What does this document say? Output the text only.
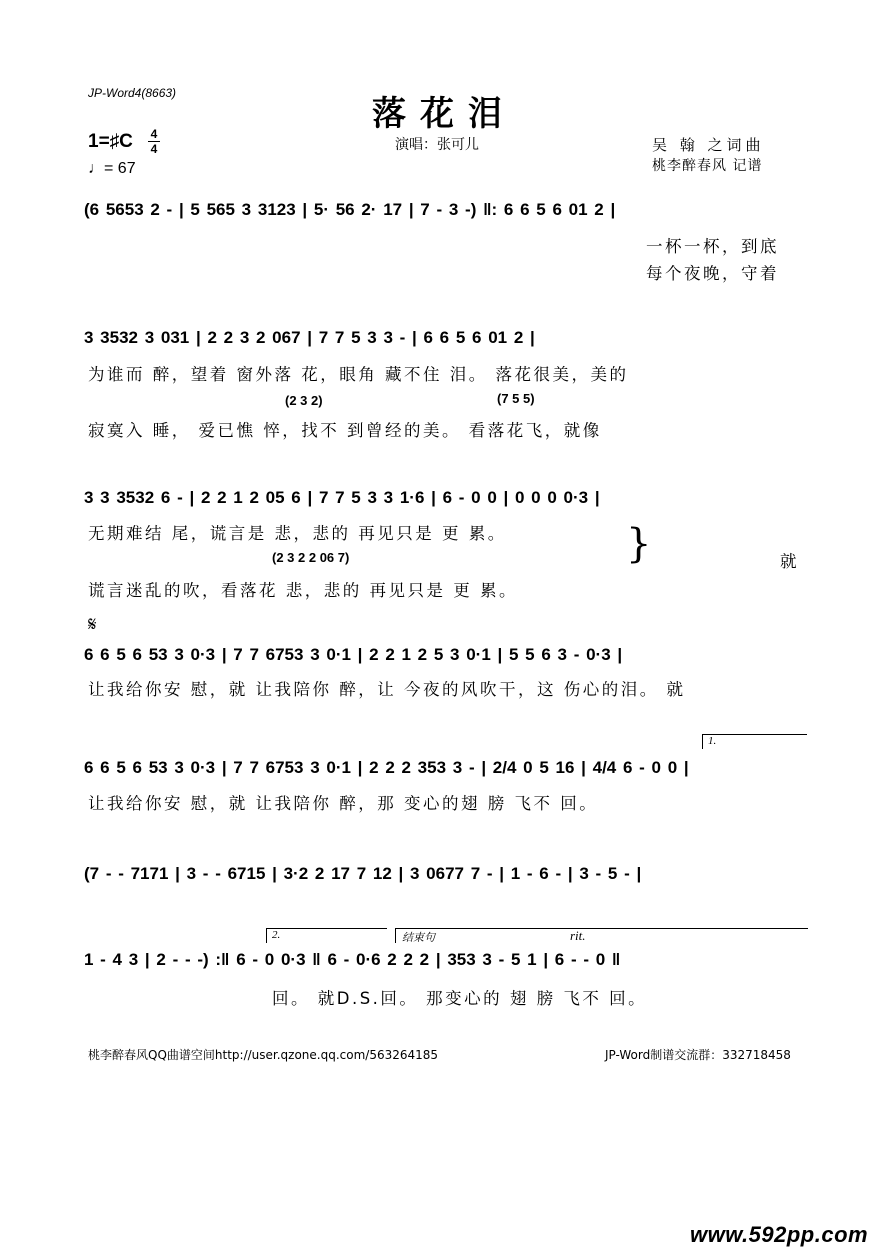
JP-Word4(8663)
落花泪
1=♯C 4
4
♩= 67
演唱：张可儿	吴 翰 之词曲
桃李醉春风 记谱
(6 5653 2 - | 5 565 3 3123 | 5· 56 2· 17 | 7 - 3 -) ‖: 6 6 5 6 01 2 |
一杯一杯，到底
每个夜晚，守着
3 3532 3 031 | 2 2 3 2 067 | 7 7 5 3 3 - | 6 6 5 6 01 2 |
为谁而 醉，望着 窗外落 花，眼角 藏不住 泪。 落花很美，美的
(2 3 2)	(7 5 5)
寂寞入 睡， 爱已憔 悴，找不 到曾经的美。 看落花飞，就像
3 3 3532 6 - | 2 2 1 2 05 6 | 7 7 5 3 3 1·6 | 6 - 0 0 | 0 0 0 0·3 |
无期难结 尾，谎言是 悲，悲的 再见只是 更 累。
(2 3 2 2 06 7)
谎言迷乱的吹，看落花 悲，悲的 再见只是 更 累。
}	就
𝄋
6 6 5 6 53 3 0·3 | 7 7 6753 3 0·1 | 2 2 1 2 5 3 0·1 | 5 5 6 3 - 0·3 |
让我给你安 慰，就 让我陪你 醉，让 今夜的风吹干，这 伤心的泪。 就
1.
6 6 5 6 53 3 0·3 | 7 7 6753 3 0·1 | 2 2 2 353 3 - | 2/4 0 5 16 | 4/4 6 - 0 0 |
让我给你安 慰，就 让我陪你 醉，那 变心的翅 膀 飞不 回。
(7 - - 7171 | 3 - - 6715 | 3·2 2 17 7 12 | 3 0677 7 - | 1 - 6 - | 3 - 5 - |
2.	结束句	rit.
1 - 4 3 | 2 - - -) :‖ 6 - 0 0·3 ‖ 6 - 0·6 2 2 2 | 353 3 - 5 1 | 6 - - 0 ‖
回。 就D.S.回。 那变心的 翅 膀 飞不 回。
桃李醉春风QQ曲谱空间http://user.qzone.qq.com/563264185	JP-Word制谱交流群：332718458
www.592pp.com
